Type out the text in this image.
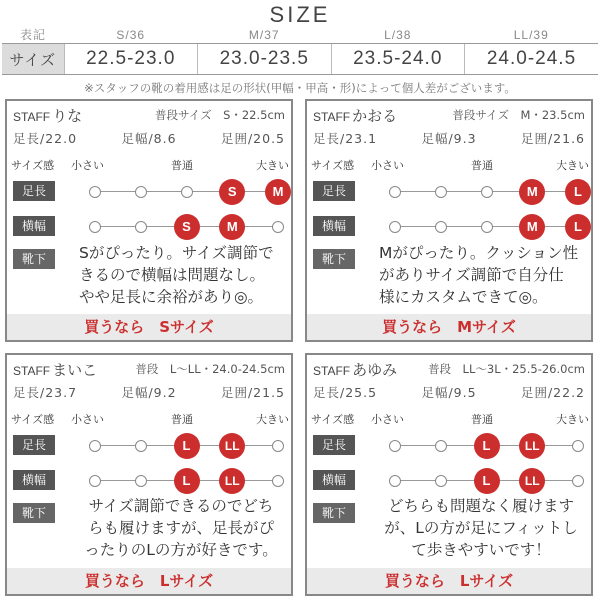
SIZE
表記	S/36	M/37	L/38	LL/39
サイズ	22.5-23.0	23.0-23.5	23.5-24.0	24.0-24.5
※スタッフの靴の着用感は足の形状(甲幅・甲高・形)によって個人差がございます。
STAFF りな	普段サイズ　S・22.5cm
足長/22.0	足幅/8.6	足囲/20.5
サイズ感 小さい	普通	大きい
足長
横幅
靴下
S	M
S	M
Sがぴったり。サイズ調節で
きるので横幅は問題なし。
やや足長に余裕があり◎。
買うなら　Sサイズ
STAFF かおる	普段サイズ　M・23.5cm
足長/23.1	足幅/9.3	足囲/21.6
サイズ感 小さい	普通	大きい
足長
横幅
靴下
M	L
M	L
Mがぴったり。クッション性
がありサイズ調節で自分仕
様にカスタムできて◎。
買うなら　Mサイズ
STAFF まいこ	普段　L〜LL・24.0-24.5cm
足長/23.7	足幅/9.2	足囲/21.5
サイズ感 小さい	普通	大きい
足長
横幅
靴下
L	LL
L	LL
サイズ調節できるのでどち
らも履けますが、足長がぴ
ったりのLの方が好きです。
買うなら　Lサイズ
STAFF あゆみ	普段　LL〜3L・25.5-26.0cm
足長/25.5	足幅/9.5	足囲/22.2
サイズ感 小さい	普通	大きい
足長
横幅
靴下
L	LL
L	LL
どちらも問題なく履けます
が、Lの方が足にフィットし
て歩きやすいです！
買うなら　Lサイズ
